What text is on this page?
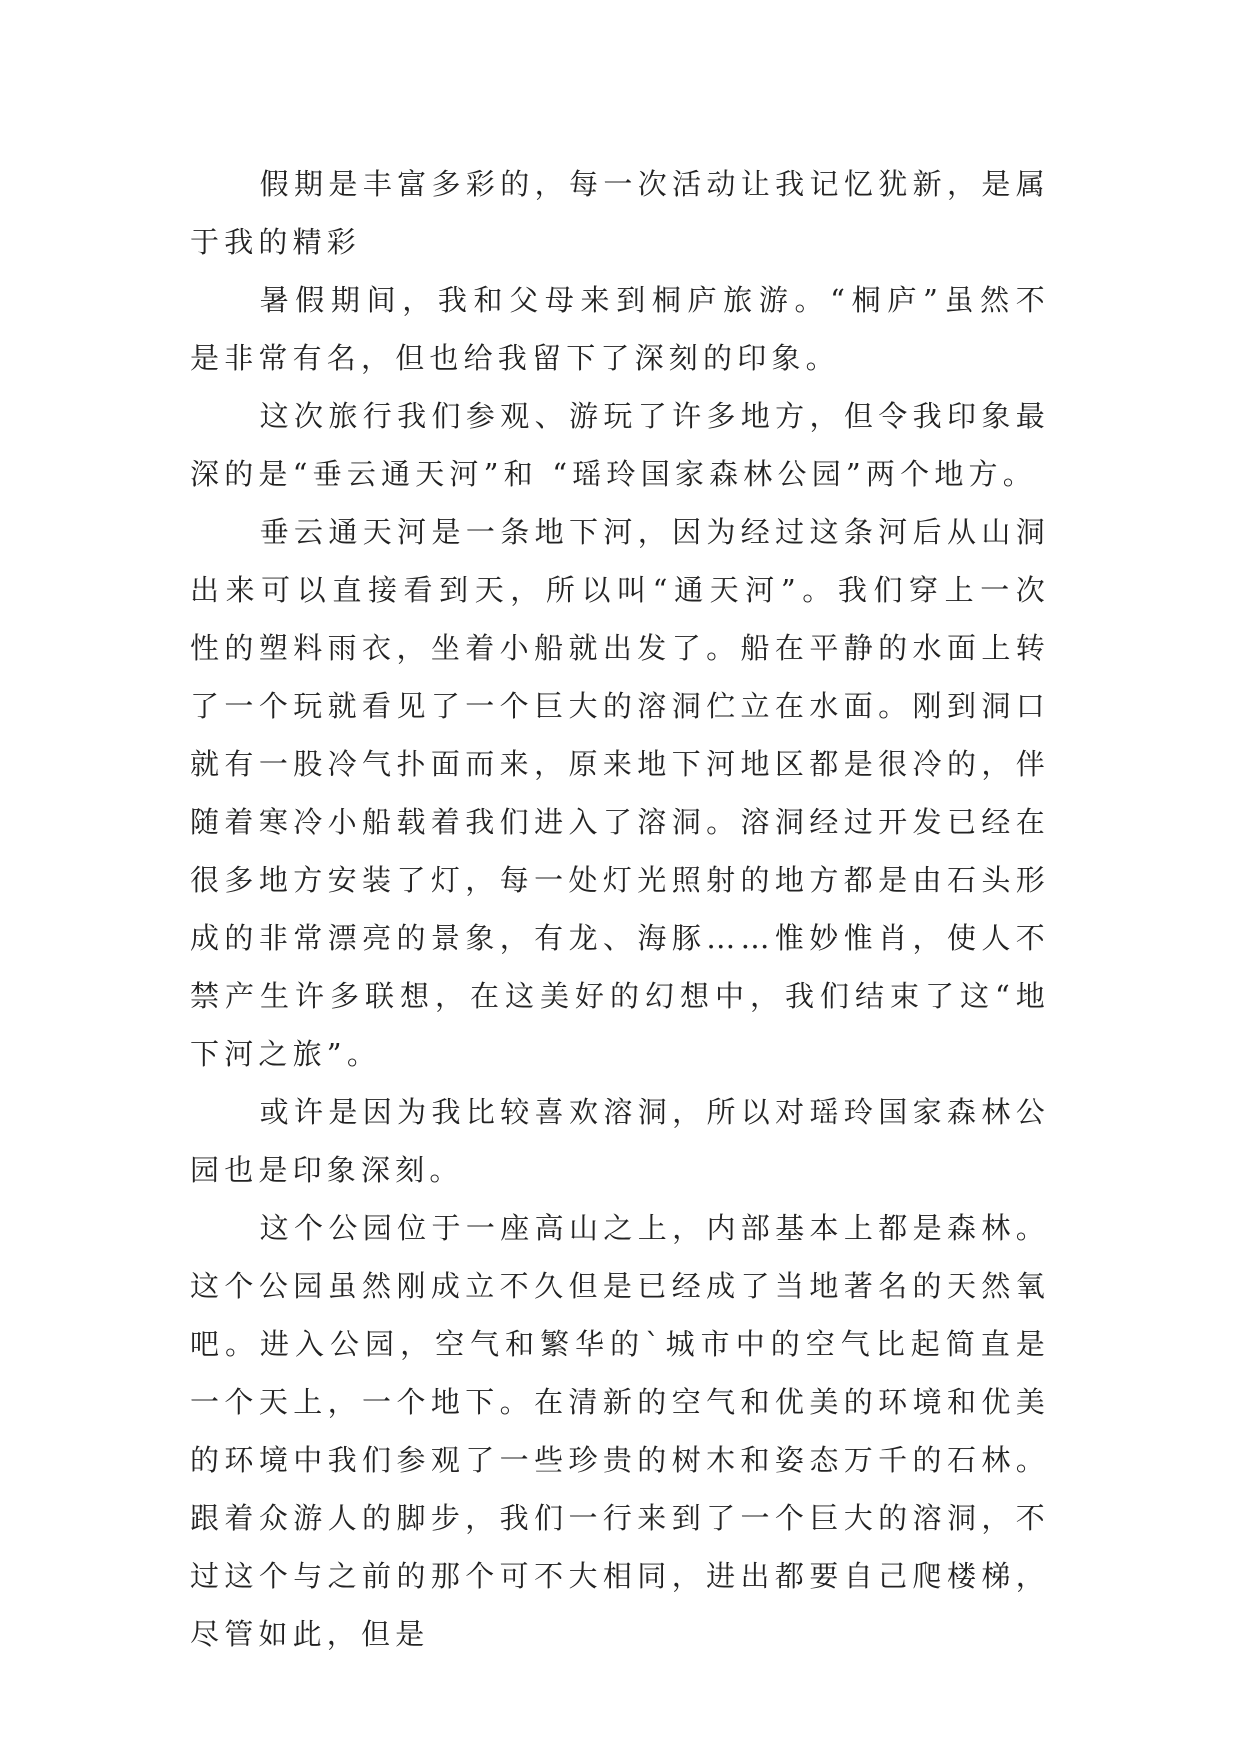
假期是丰富多彩的，每一次活动让我记忆犹新，是属于我的精彩

暑假期间，我和父母来到桐庐旅游。“桐庐”虽然不是非常有名，但也给我留下了深刻的印象。

这次旅行我们参观、游玩了许多地方，但令我印象最深的是“垂云通天河”和 “瑶玲国家森林公园”两个地方。

垂云通天河是一条地下河，因为经过这条河后从山洞出来可以直接看到天，所以叫“通天河”。我们穿上一次性的塑料雨衣，坐着小船就出发了。船在平静的水面上转了一个玩就看见了一个巨大的溶洞伫立在水面。刚到洞口就有一股冷气扑面而来，原来地下河地区都是很冷的，伴随着寒冷小船载着我们进入了溶洞。溶洞经过开发已经在很多地方安装了灯，每一处灯光照射的地方都是由石头形成的非常漂亮的景象，有龙、海豚……惟妙惟肖，使人不禁产生许多联想，在这美好的幻想中，我们结束了这“地下河之旅”。

或许是因为我比较喜欢溶洞，所以对瑶玲国家森林公园也是印象深刻。

这个公园位于一座高山之上，内部基本上都是森林。这个公园虽然刚成立不久但是已经成了当地著名的天然氧吧。进入公园，空气和繁华的`城市中的空气比起简直是一个天上，一个地下。在清新的空气和优美的环境和优美的环境中我们参观了一些珍贵的树木和姿态万千的石林。跟着众游人的脚步，我们一行来到了一个巨大的溶洞，不过这个与之前的那个可不大相同，进出都要自己爬楼梯，尽管如此，但是
